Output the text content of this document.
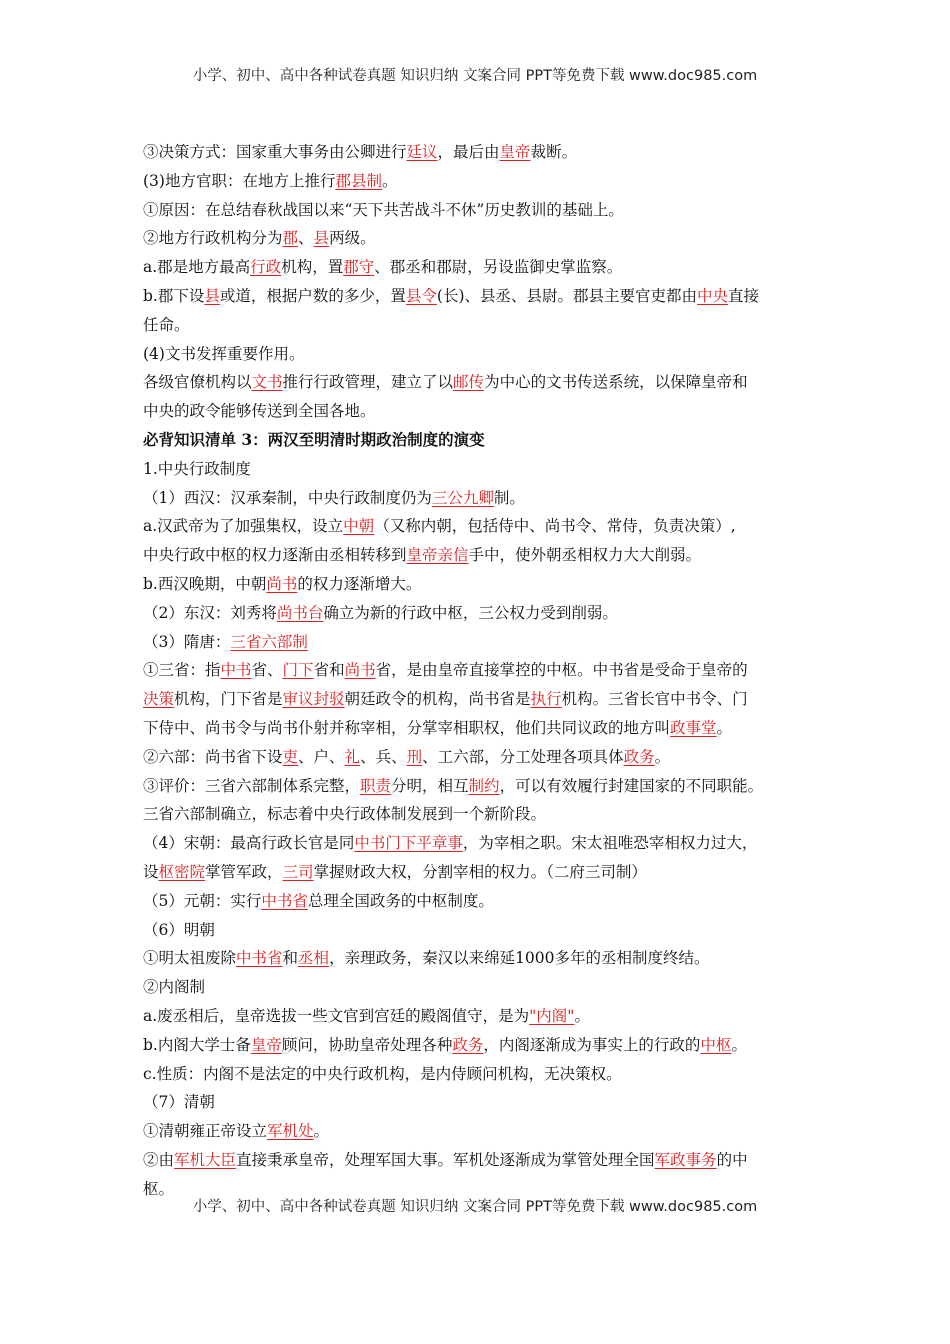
小学、初中、高中各种试卷真题 知识归纳 文案合同 PPT等免费下载 www.doc985.com
③决策方式：国家重大事务由公卿进行廷议，最后由皇帝裁断。
(3)地方官职：在地方上推行郡县制。
①原因：在总结春秋战国以来“天下共苦战斗不休”历史教训的基础上。
②地方行政机构分为郡、县两级。
a.郡是地方最高行政机构，置郡守、郡丞和郡尉，另设监御史掌监察。
b.郡下设县或道，根据户数的多少，置县令(长)、县丞、县尉。郡县主要官吏都由中央直接
任命。
(4)文书发挥重要作用。
各级官僚机构以文书推行行政管理，建立了以邮传为中心的文书传送系统，以保障皇帝和
中央的政令能够传送到全国各地。
必背知识清单 3：两汉至明清时期政治制度的演变
1.中央行政制度
（1）西汉：汉承秦制，中央行政制度仍为三公九卿制。
a.汉武帝为了加强集权，设立中朝（又称内朝，包括侍中、尚书令、常侍，负责决策）,
中央行政中枢的权力逐渐由丞相转移到皇帝亲信手中，使外朝丞相权力大大削弱。
b.西汉晚期，中朝尚书的权力逐渐增大。
（2）东汉：刘秀将尚书台确立为新的行政中枢，三公权力受到削弱。
（3）隋唐：三省六部制
①三省：指中书省、门下省和尚书省，是由皇帝直接掌控的中枢。中书省是受命于皇帝的
决策机构，门下省是审议封驳朝廷政令的机构，尚书省是执行机构。三省长官中书令、门
下侍中、尚书令与尚书仆射并称宰相，分掌宰相职权，他们共同议政的地方叫政事堂。
②六部：尚书省下设吏、户、礼、兵、刑、工六部，分工处理各项具体政务。
③评价：三省六部制体系完整，职责分明，相互制约，可以有效履行封建国家的不同职能。
三省六部制确立，标志着中央行政体制发展到一个新阶段。
（4）宋朝：最高行政长官是同中书门下平章事，为宰相之职。宋太祖唯恐宰相权力过大，
设枢密院掌管军政，三司掌握财政大权，分割宰相的权力。（二府三司制）
（5）元朝：实行中书省总理全国政务的中枢制度。
（6）明朝
①明太祖废除中书省和丞相，亲理政务，秦汉以来绵延1000多年的丞相制度终结。
②内阁制
a.废丞相后，皇帝选拔一些文官到宫廷的殿阁值守，是为"内阁"。
b.内阁大学士备皇帝顾问，协助皇帝处理各种政务，内阁逐渐成为事实上的行政的中枢。
c.性质：内阁不是法定的中央行政机构，是内侍顾问机构，无决策权。
（7）清朝
①清朝雍正帝设立军机处。
②由军机大臣直接秉承皇帝，处理军国大事。军机处逐渐成为掌管处理全国军政事务的中
枢。
小学、初中、高中各种试卷真题 知识归纳 文案合同 PPT等免费下载 www.doc985.com
